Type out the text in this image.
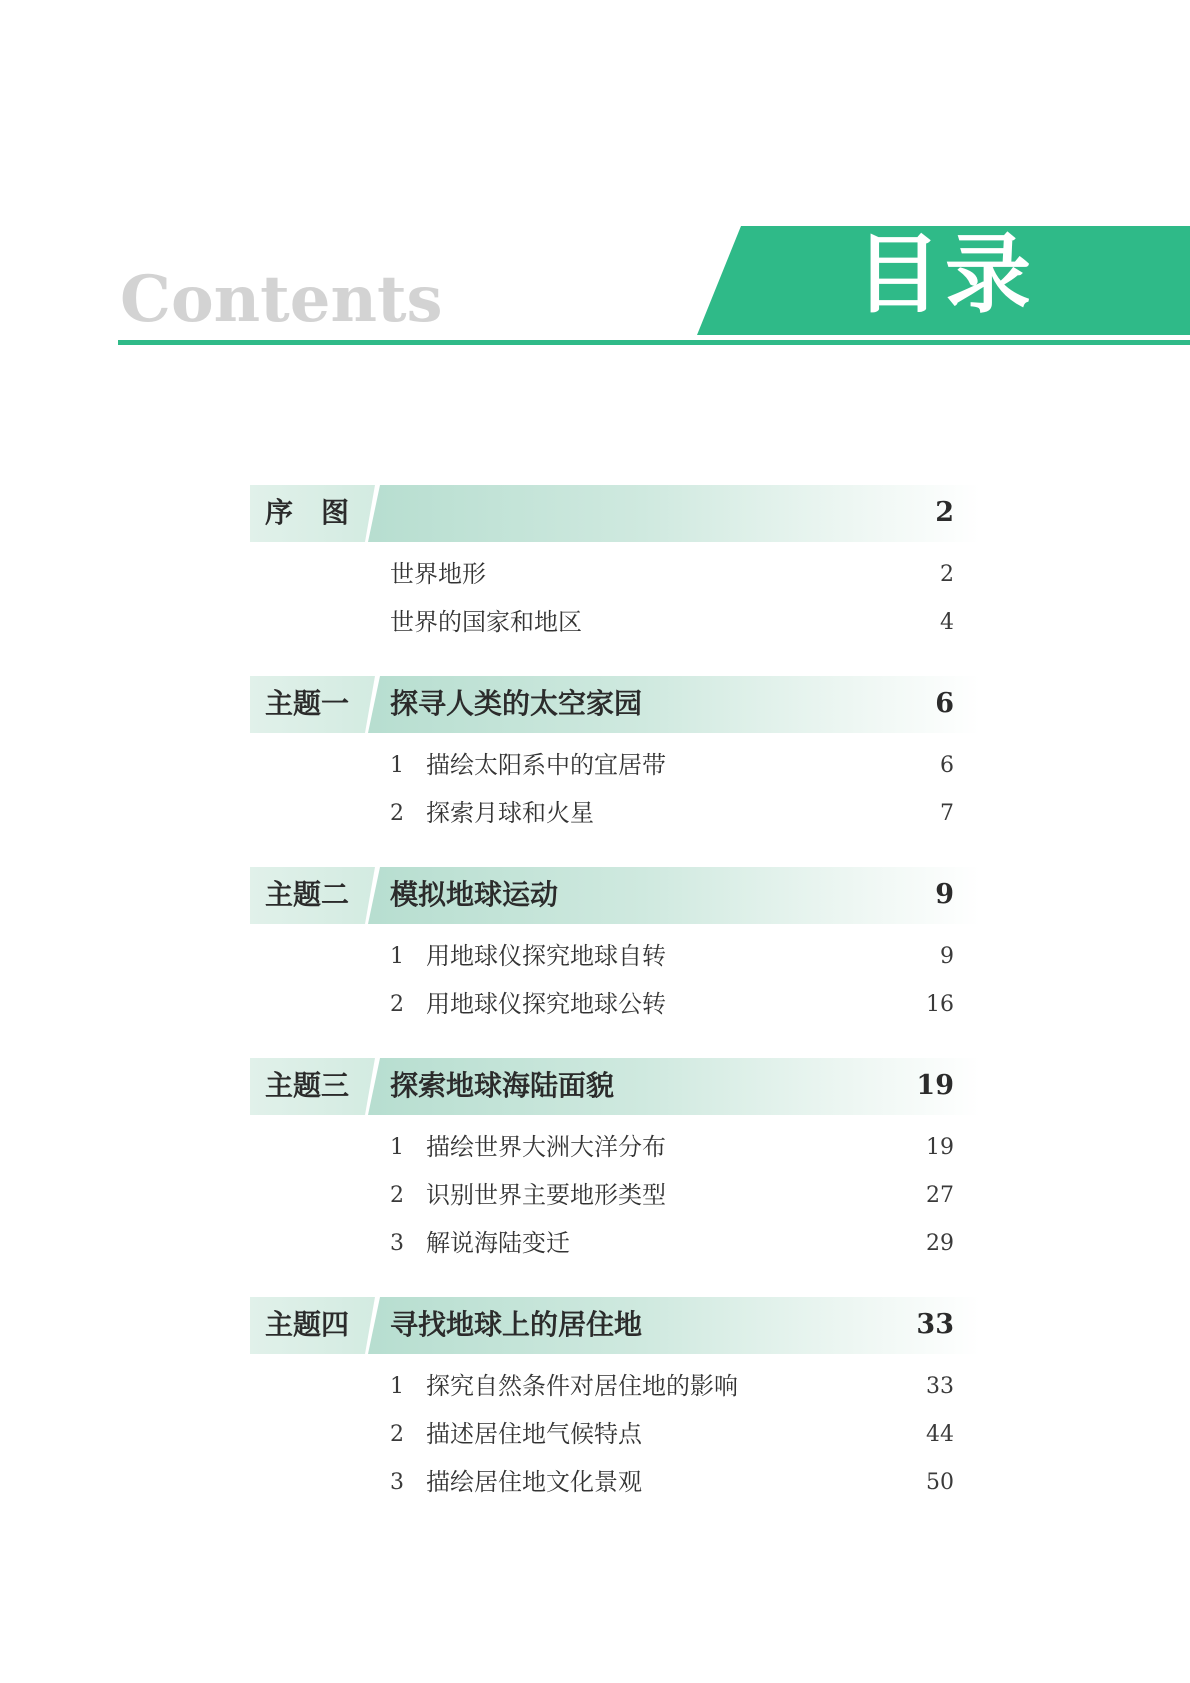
Contents	目录
序　图	2
世界地形	2
世界的国家和地区	4
主题一 探寻人类的太空家园	6
1 描绘太阳系中的宜居带	6
2 探索月球和火星	7
主题二 模拟地球运动	9
1 用地球仪探究地球自转	9
2 用地球仪探究地球公转	16
主题三 探索地球海陆面貌	19
1 描绘世界大洲大洋分布	19
2 识别世界主要地形类型	27
3 解说海陆变迁	29
主题四 寻找地球上的居住地	33
1 探究自然条件对居住地的影响	33
2 描述居住地气候特点	44
3 描绘居住地文化景观	50
